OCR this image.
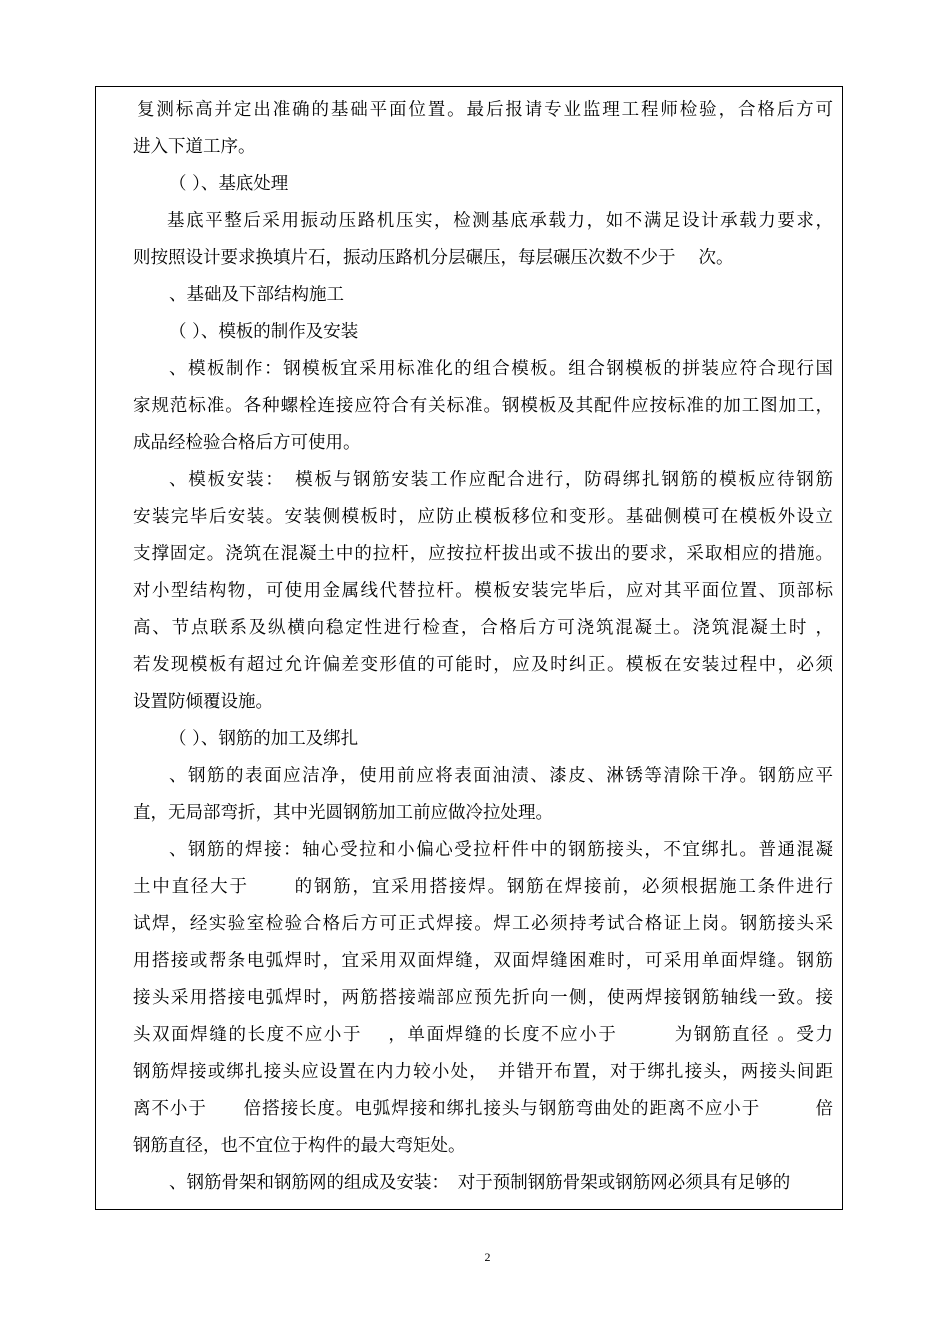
复测标高并定出准确的基础平面位置。最后报请专业监理工程师检验，合格后方可
进入下道工序。
（ ）、基底处理
基底平整后采用振动压路机压实，检测基底承载力，如不满足设计承载力要求，
则按照设计要求换填片石，振动压路机分层碾压，每层碾压次数不少于　 次。
、基础及下部结构施工
（ ）、模板的制作及安装
、模板制作：钢模板宜采用标准化的组合模板。组合钢模板的拼装应符合现行国
家规范标准。各种螺栓连接应符合有关标准。钢模板及其配件应按标准的加工图加工，
成品经检验合格后方可使用。
、模板安装：　模板与钢筋安装工作应配合进行，防碍绑扎钢筋的模板应待钢筋
安装完毕后安装。安装侧模板时，应防止模板移位和变形。基础侧模可在模板外设立
支撑固定。浇筑在混凝土中的拉杆，应按拉杆拔出或不拔出的要求，采取相应的措施。
对小型结构物，可使用金属线代替拉杆。模板安装完毕后，应对其平面位置、顶部标
高、节点联系及纵横向稳定性进行检查，合格后方可浇筑混凝土。浇筑混凝土时 ，
若发现模板有超过允许偏差变形值的可能时，应及时纠正。模板在安装过程中，必须
设置防倾覆设施。
（ ）、钢筋的加工及绑扎
、钢筋的表面应洁净，使用前应将表面油渍、漆皮、淋锈等清除干净。钢筋应平
直，无局部弯折，其中光圆钢筋加工前应做冷拉处理。
、钢筋的焊接：轴心受拉和小偏心受拉杆件中的钢筋接头，不宜绑扎。普通混凝
土中直径大于　　 的钢筋，宜采用搭接焊。钢筋在焊接前，必须根据施工条件进行
试焊，经实验室检验合格后方可正式焊接。焊工必须持考试合格证上岗。钢筋接头采
用搭接或帮条电弧焊时，宜采用双面焊缝，双面焊缝困难时，可采用单面焊缝。钢筋
接头采用搭接电弧焊时，两筋搭接端部应预先折向一侧，使两焊接钢筋轴线一致。接
头双面焊缝的长度不应小于　 ，单面焊缝的长度不应小于　　　为钢筋直径 。受力
钢筋焊接或绑扎接头应设置在内力较小处，　并错开布置，对于绑扎接头，两接头间距
离不小于　　倍搭接长度。电弧焊接和绑扎接头与钢筋弯曲处的距离不应小于　　　倍
钢筋直径，也不宜位于构件的最大弯矩处。
、钢筋骨架和钢筋网的组成及安装：　对于预制钢筋骨架或钢筋网必须具有足够的
2
